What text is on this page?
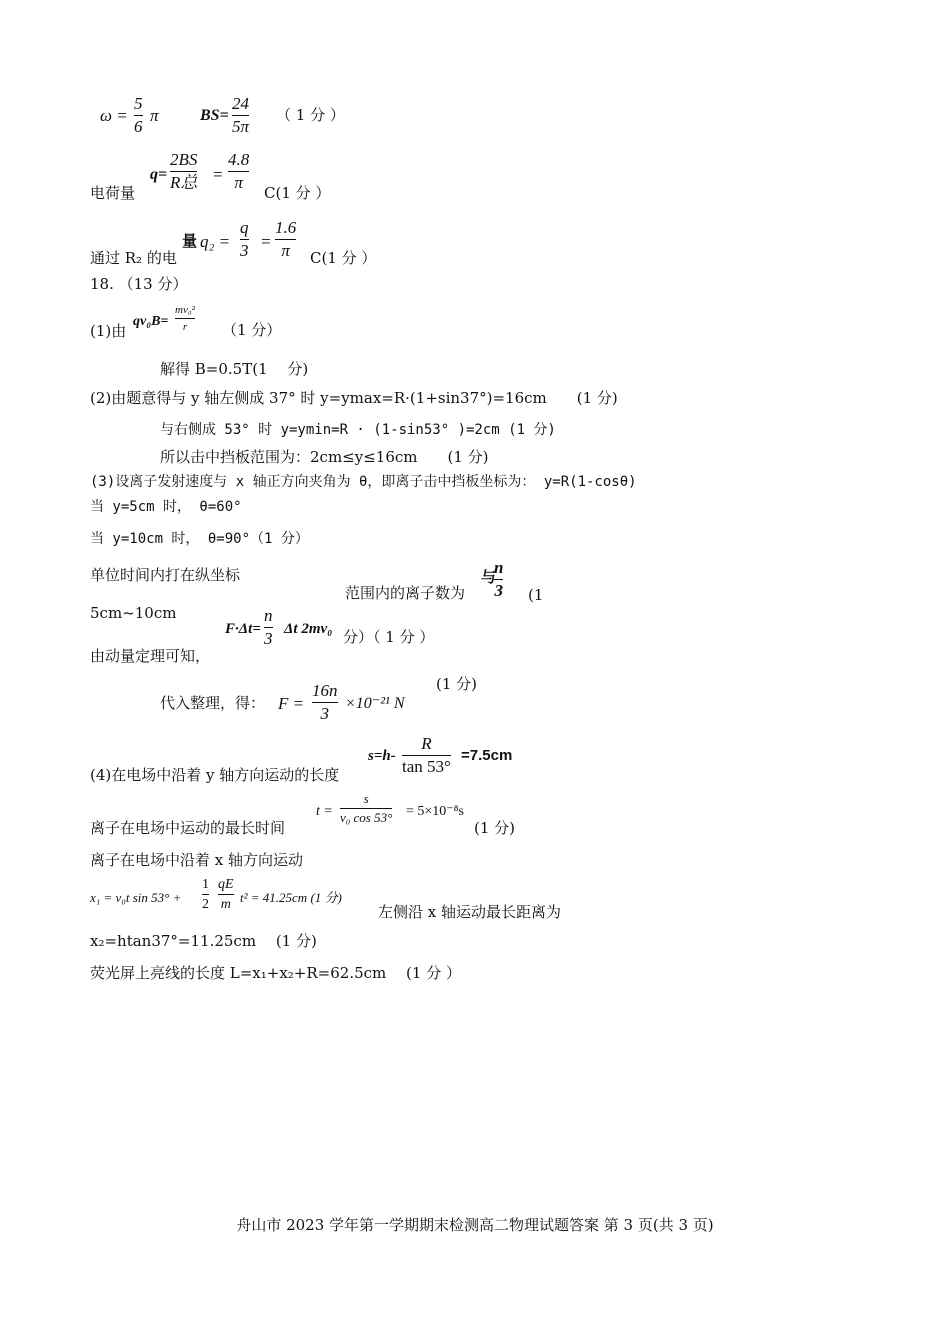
ω =
5
6
π	BS=
24
5π
（ 1 分 ）
电荷量
q=
2BS
R总 =
4.8
π
C(1 分 ）
通过 R₂ 的电
量 q₂ =
q
3 =
1.6
π C(1 分 ）
18. （13 分）
(1)由
qv₀B=
mv₀²
r （1 分）
解得 B=0.5T(1　 分)
(2)由题意得与 y 轴左侧成 37° 时 y=ymax=R·(1+sin37°)=16cm　　(1 分)
与右侧成 53° 时 y=ymin=R · (1-sin53° )=2cm (1 分)
所以击中挡板范围为：2cm≤y≤16cm　　(1 分)
(3)设离子发射速度与 x 轴正方向夹角为 θ，即离子击中挡板坐标为： y=R(1-cosθ)
当 y=5cm 时， θ=60°
当 y=10cm 时， θ=90°（1 分）
单位时间内打在纵坐标
范围内的离子数为
与
n
3 (1
5cm~10cm
F·Δt=
n
3 Δt 2mv₀ 分）（ 1 分 ）
由动量定理可知，
代入整理，得： F =
16n
3
×10⁻²¹ N
(1 分)
(4)在电场中沿着 y 轴方向运动的长度
s=h-
R
tan 53°
=7.5cm
离子在电场中运动的最长时间
t =
s
v₀ cos 53° = 5×10⁻⁸s
(1 分)
离子在电场中沿着 x 轴方向运动
x₁ = v₀t sin 53° +
1
2
qE
m t² = 41.25cm (1 分)
左侧沿 x 轴运动最长距离为
x₂=htan37°=11.25cm　 (1 分)
荧光屏上亮线的长度 L=x₁+x₂+R=62.5cm　 (1 分 ）
舟山市 2023 学年第一学期期末检测高二物理试题答案 第 3 页(共 3 页)
